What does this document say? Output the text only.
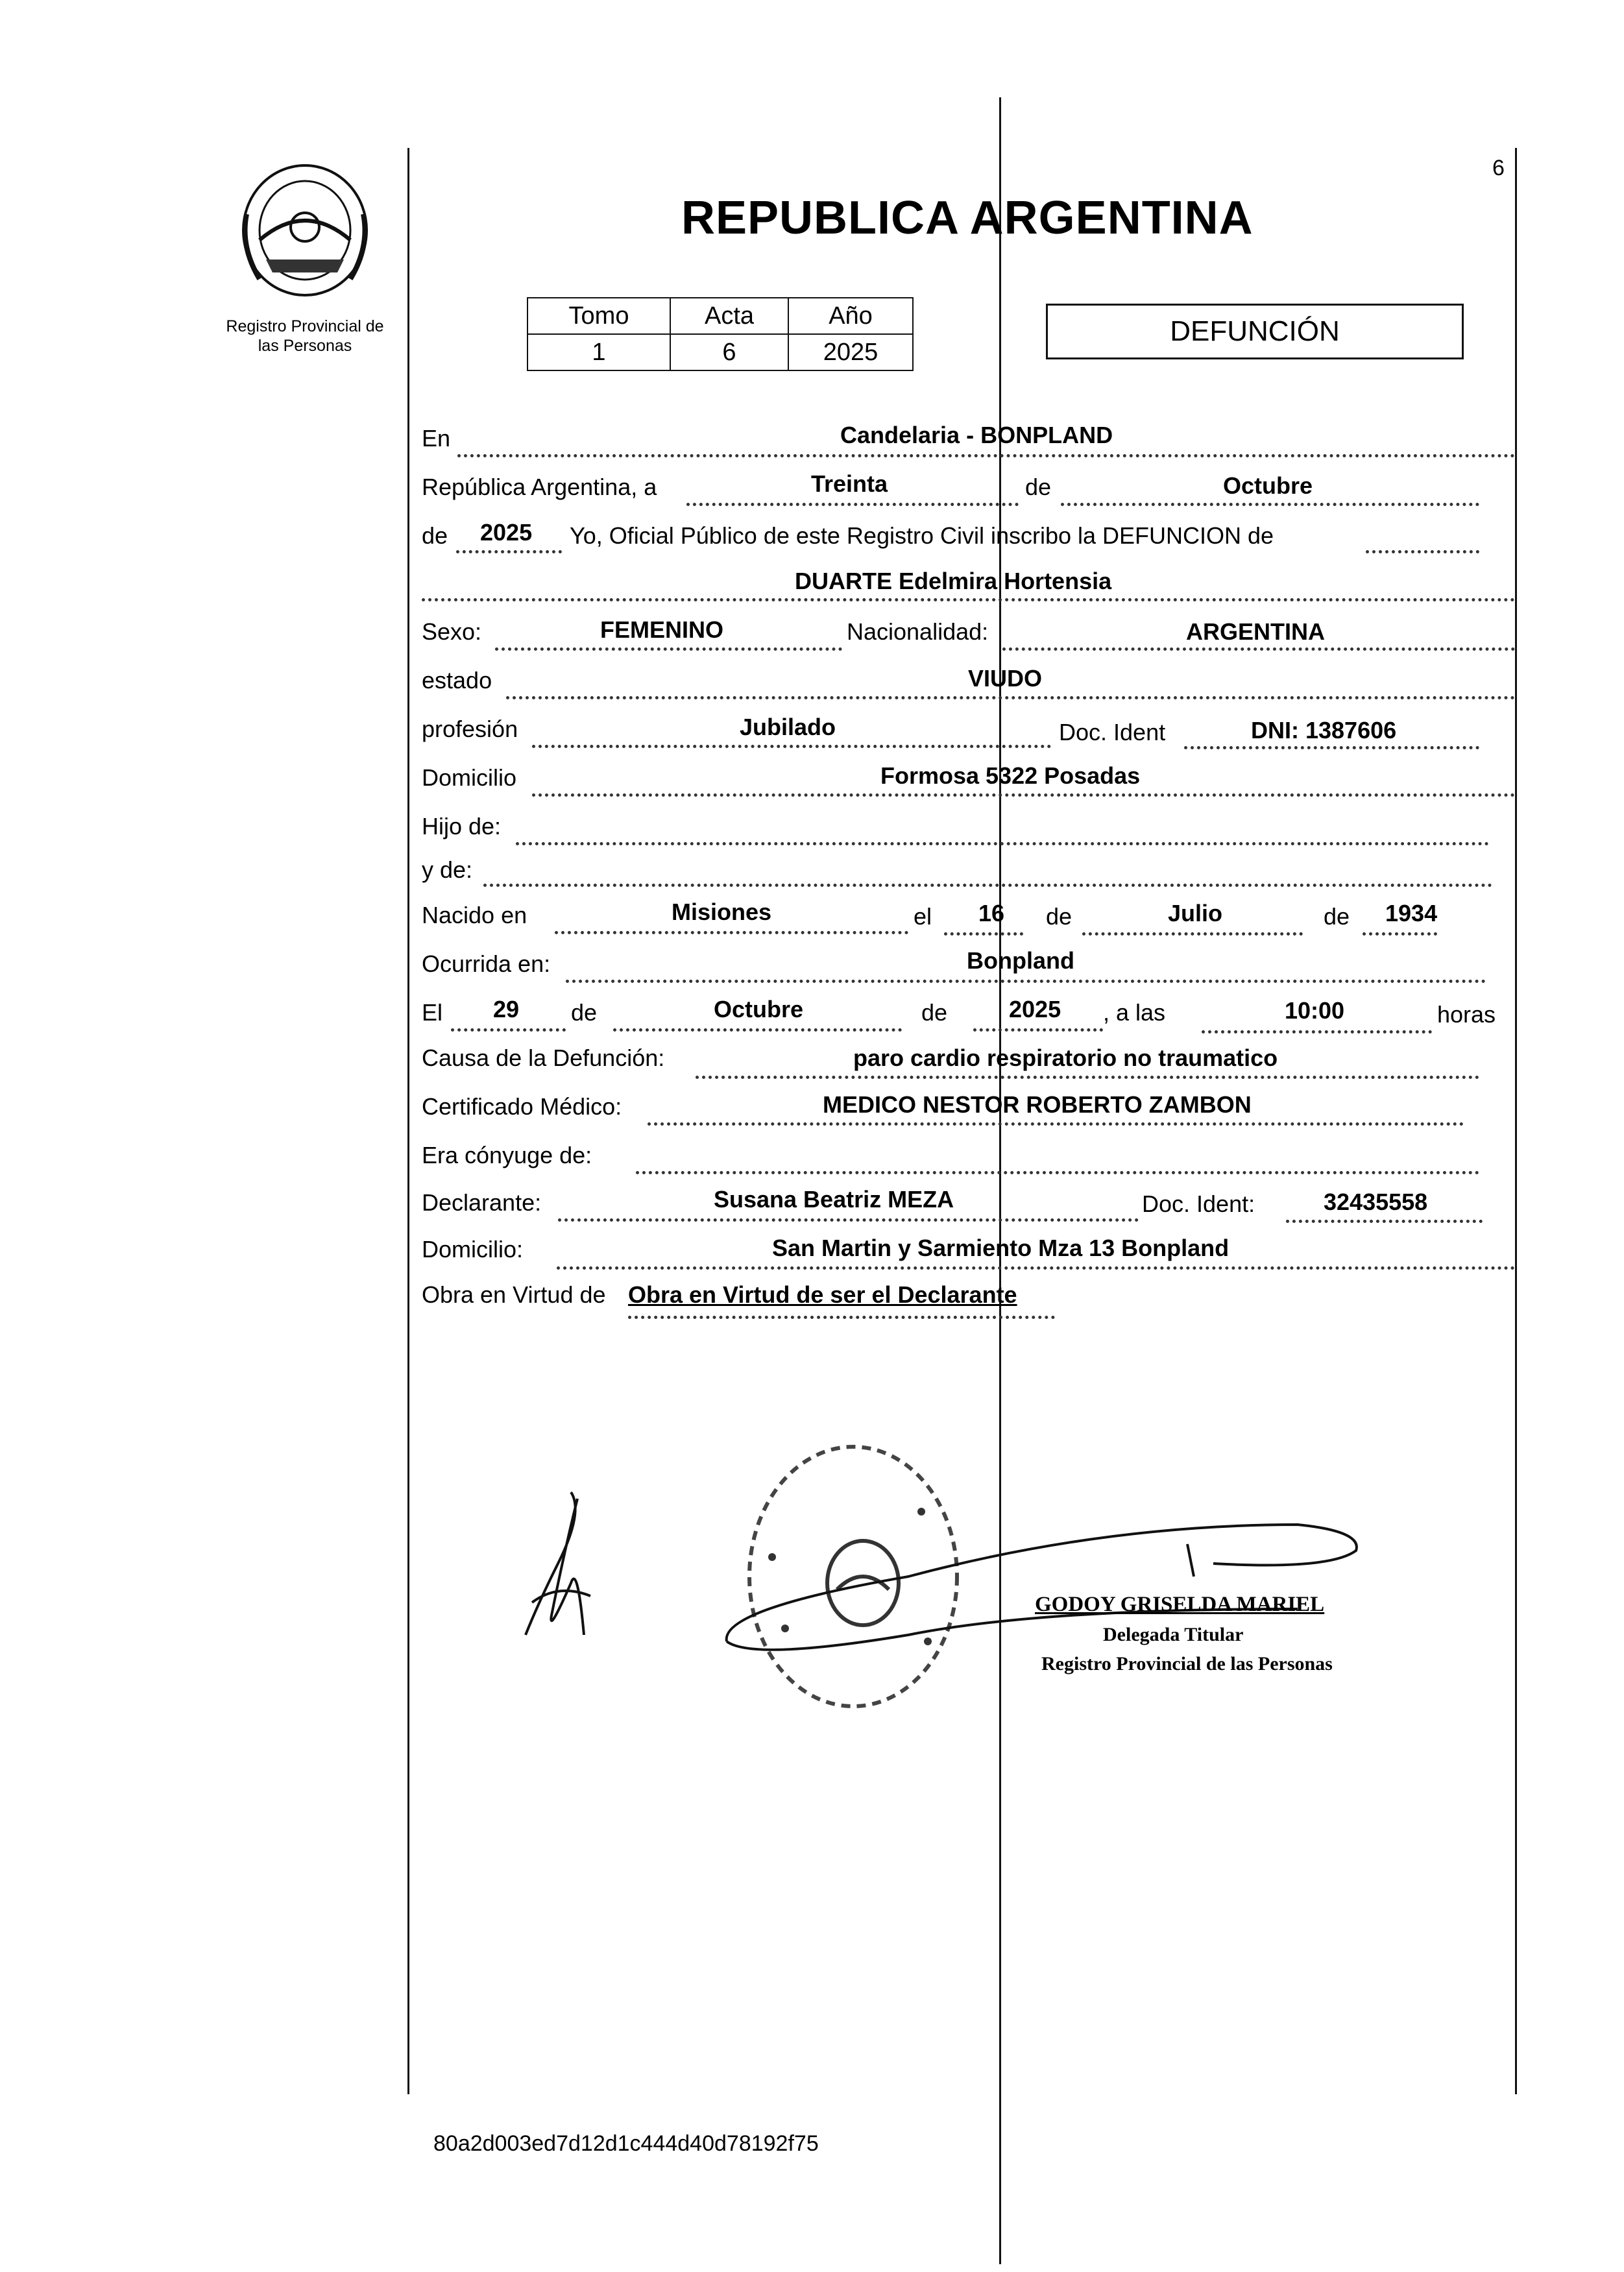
Registro Provincial de
las Personas
REPUBLICA ARGENTINA
6
Tomo	Acta	Año
1	6	2025
DEFUNCIÓN
En	Candelaria - BONPLAND
República Argentina, a	Treinta	de	Octubre
de 2025 Yo, Oficial Público de este Registro Civil inscribo la DEFUNCION de
DUARTE Edelmira Hortensia
Sexo:	FEMENINO	Nacionalidad:	ARGENTINA
estado	VIUDO
profesión	Jubilado	Doc. Ident	DNI: 1387606
Domicilio	Formosa 5322 Posadas
Hijo de:
y de:
Nacido en	Misiones	el 16 de	Julio	de 1934
Ocurrida en:	Bonpland
El 29 de	Octubre	de	2025 , a las	10:00	horas
Causa de la Defunción:	paro cardio respiratorio no traumatico
Certificado Médico:	MEDICO NESTOR ROBERTO ZAMBON
Era cónyuge de:
Declarante:	Susana Beatriz MEZA	Doc. Ident:	32435558
Domicilio:	San Martin y Sarmiento Mza 13 Bonpland
Obra en Virtud de Obra en Virtud de ser el Declarante
GODOY GRISELDA MARIEL
Delegada Titular
Registro Provincial de las Personas
80a2d003ed7d12d1c444d40d78192f75
